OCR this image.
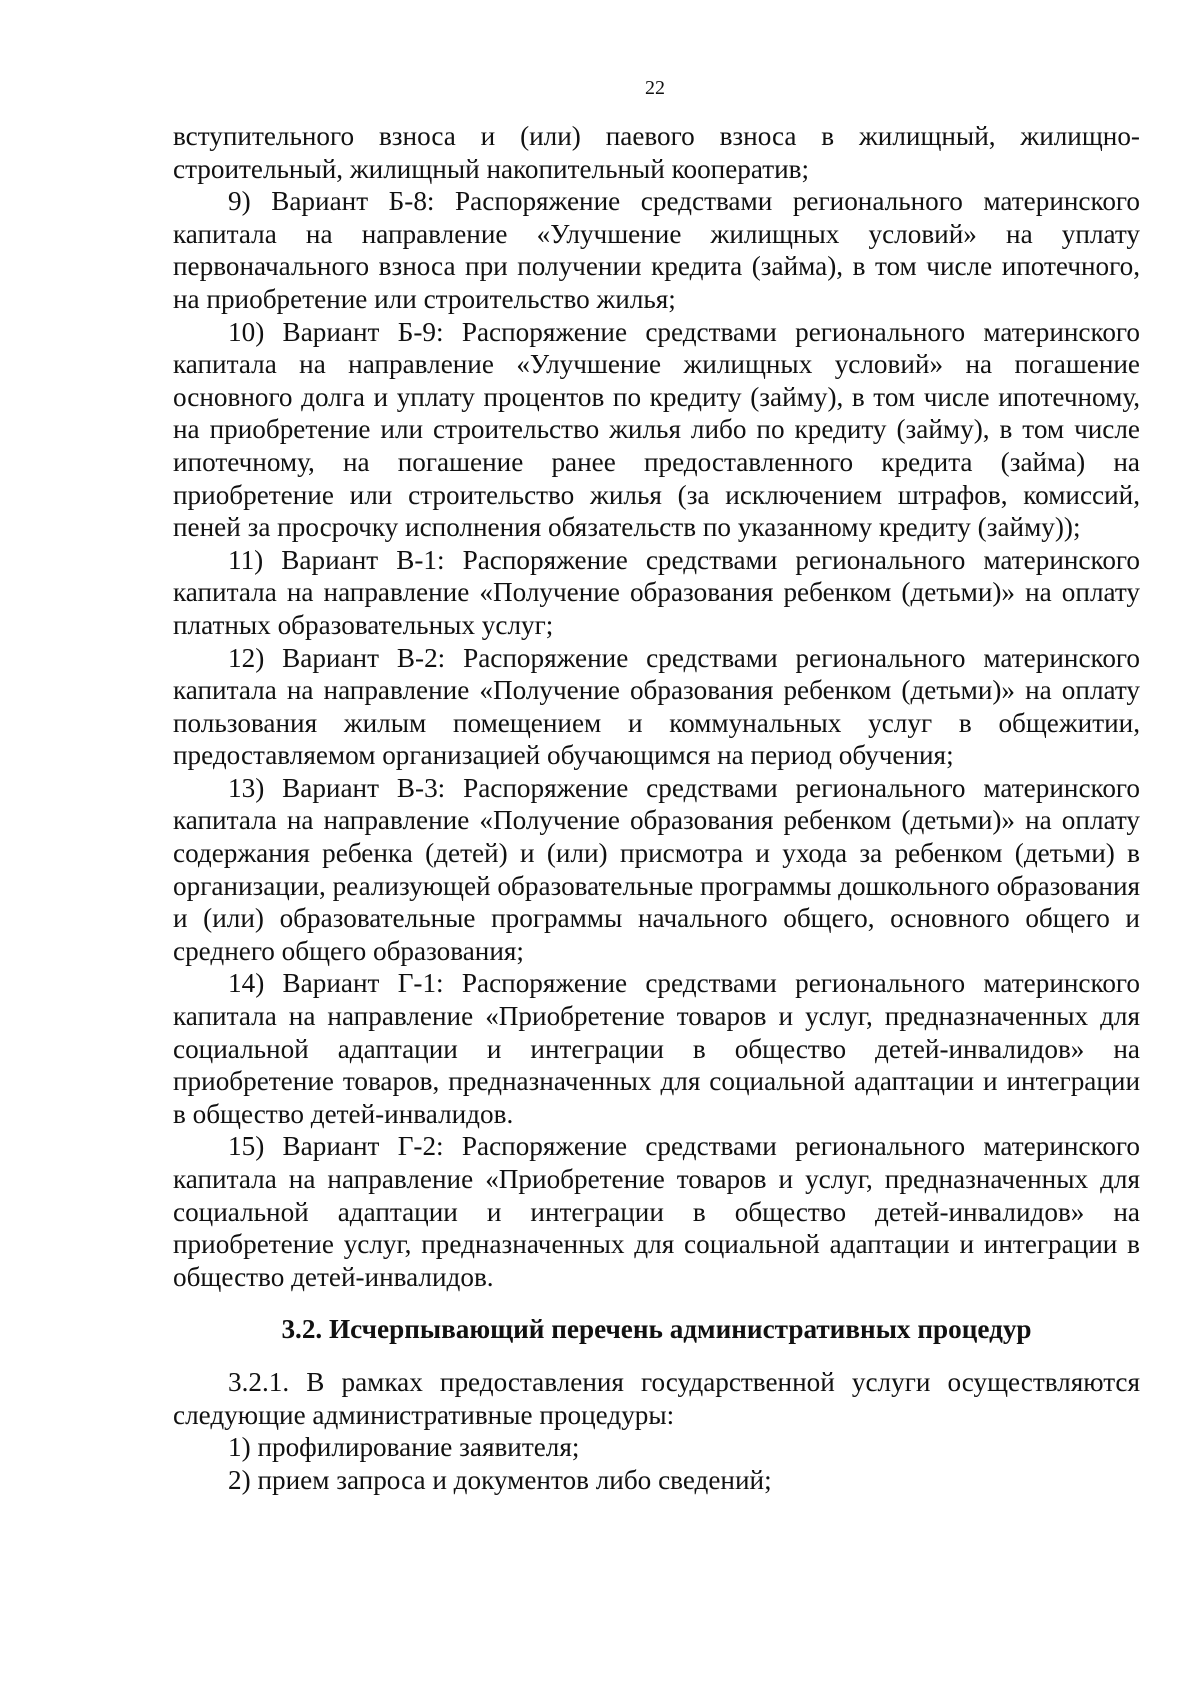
22

вступительного взноса и (или) паевого взноса в жилищный, жилищно-строительный, жилищный накопительный кооператив;

9) Вариант Б-8: Распоряжение средствами регионального материнского капитала на направление «Улучшение жилищных условий» на уплату первоначального взноса при получении кредита (займа), в том числе ипотечного, на приобретение или строительство жилья;

10) Вариант Б-9: Распоряжение средствами регионального материнского капитала на направление «Улучшение жилищных условий» на погашение основного долга и уплату процентов по кредиту (займу), в том числе ипотечному, на приобретение или строительство жилья либо по кредиту (займу), в том числе ипотечному, на погашение ранее предоставленного кредита (займа) на приобретение или строительство жилья (за исключением штрафов, комиссий, пеней за просрочку исполнения обязательств по указанному кредиту (займу));

11) Вариант В-1: Распоряжение средствами регионального материнского капитала на направление «Получение образования ребенком (детьми)» на оплату платных образовательных услуг;

12) Вариант В-2: Распоряжение средствами регионального материнского капитала на направление «Получение образования ребенком (детьми)» на оплату пользования жилым помещением и коммунальных услуг в общежитии, предоставляемом организацией обучающимся на период обучения;

13) Вариант В-3: Распоряжение средствами регионального материнского капитала на направление «Получение образования ребенком (детьми)» на оплату содержания ребенка (детей) и (или) присмотра и ухода за ребенком (детьми) в организации, реализующей образовательные программы дошкольного образования и (или) образовательные программы начального общего, основного общего и среднего общего образования;

14) Вариант Г-1: Распоряжение средствами регионального материнского капитала на направление «Приобретение товаров и услуг, предназначенных для социальной адаптации и интеграции в общество детей-инвалидов» на приобретение товаров, предназначенных для социальной адаптации и интеграции в общество детей-инвалидов.

15) Вариант Г-2: Распоряжение средствами регионального материнского капитала на направление «Приобретение товаров и услуг, предназначенных для социальной адаптации и интеграции в общество детей-инвалидов» на приобретение услуг, предназначенных для социальной адаптации и интеграции в общество детей-инвалидов.

3.2. Исчерпывающий перечень административных процедур

3.2.1. В рамках предоставления государственной услуги осуществляются следующие административные процедуры:

1) профилирование заявителя;

2) прием запроса и документов либо сведений;
